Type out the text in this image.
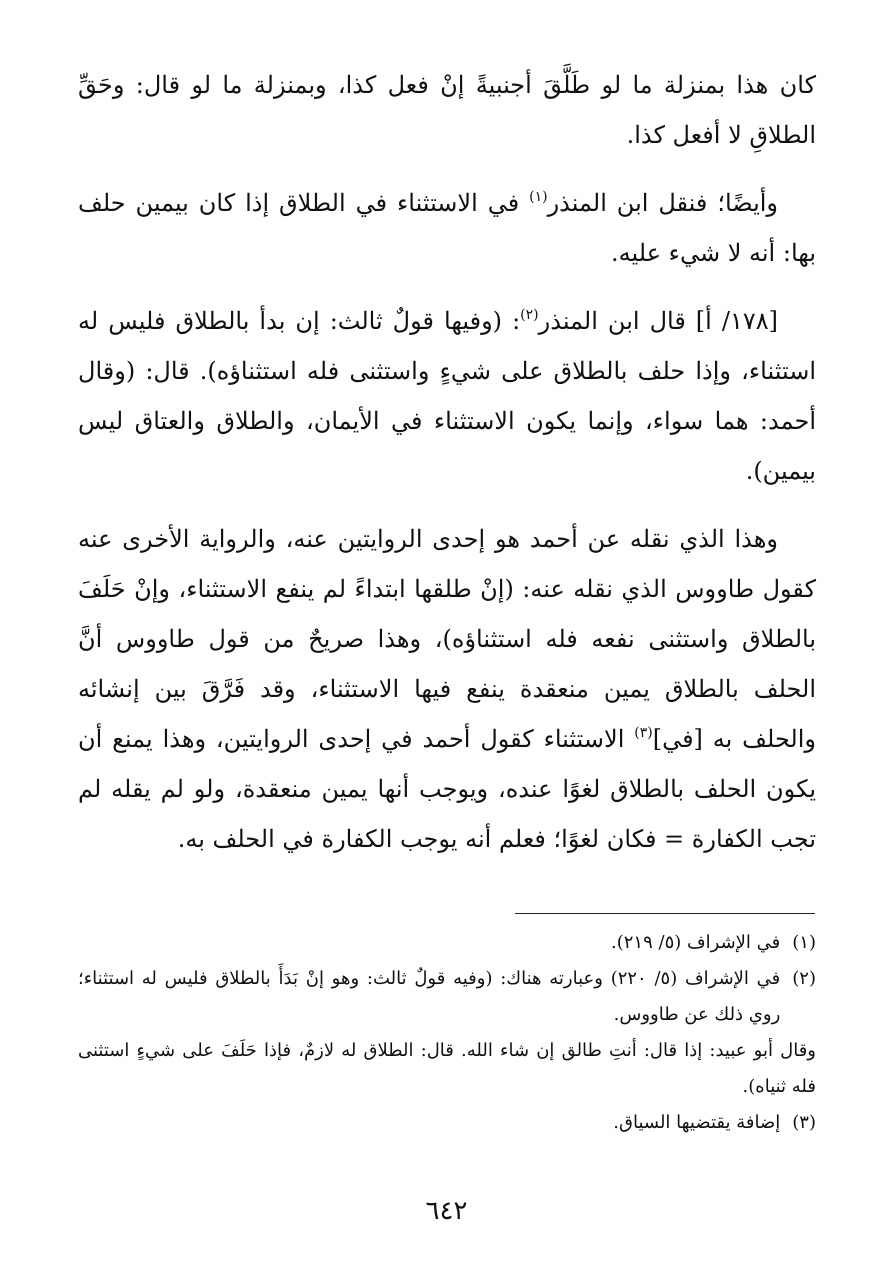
كان هذا بمنزلة ما لو طَلَّقَ أجنبيةً إنْ فعل كذا، وبمنزلة ما لو قال: وحَقِّ الطلاقِ لا أفعل كذا.

وأيضًا؛ فنقل ابن المنذر$^{(١)}$ في الاستثناء في الطلاق إذا كان بيمين حلف بها: أنه لا شيء عليه.

[١٧٨/ أ] قال ابن المنذر$^{(٢)}$: (وفيها قولٌ ثالث: إن بدأ بالطلاق فليس له استثناء، وإذا حلف بالطلاق على شيءٍ واستثنى فله استثناؤه). قال: (وقال أحمد: هما سواء، وإنما يكون الاستثناء في الأيمان، والطلاق والعتاق ليس بيمين).

وهذا الذي نقله عن أحمد هو إحدى الروايتين عنه، والرواية الأخرى عنه كقول طاووس الذي نقله عنه: (إنْ طلقها ابتداءً لم ينفع الاستثناء، وإنْ حَلَفَ بالطلاق واستثنى نفعه فله استثناؤه)، وهذا صريحٌ من قول طاووس أنَّ الحلف بالطلاق يمين منعقدة ينفع فيها الاستثناء، وقد فَرَّقَ بين إنشائه والحلف به [في]$^{(٣)}$ الاستثناء كقول أحمد في إحدى الروايتين، وهذا يمنع أن يكون الحلف بالطلاق لغوًا عنده، ويوجب أنها يمين منعقدة، ولو لم يقله لم تجب الكفارة = فكان لغوًا؛ فعلم أنه يوجب الكفارة في الحلف به.

(١)
في الإشراف (٥/ ٢١٩).
(٢)
في الإشراف (٥/ ٢٢٠) وعبارته هناك: (وفيه قولٌ ثالث: وهو إنْ بَدَأَ بالطلاق فليس له استثناء؛ روي ذلك عن طاووس.
وقال أبو عبيد: إذا قال: أنتِ طالق إن شاء الله. قال: الطلاق له لازمٌ، فإذا حَلَفَ على شيءٍ استثنى فله ثنياه).
(٣)
إضافة يقتضيها السياق.
٦٤٢
